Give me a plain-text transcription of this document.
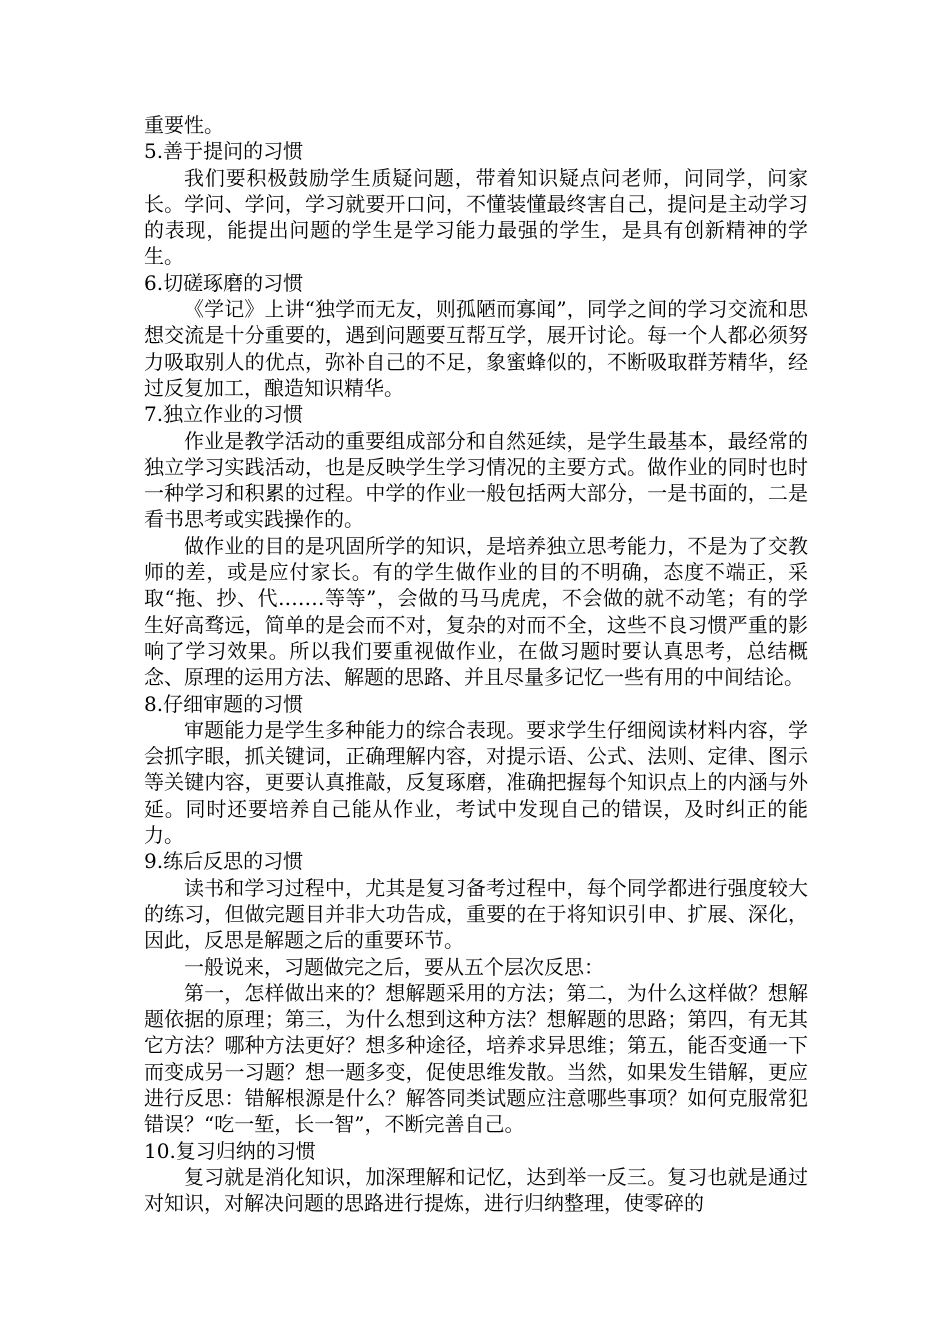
重要性。

5.善于提问的习惯

我们要积极鼓励学生质疑问题，带着知识疑点问老师，问同学，问家长。学问、学问，学习就要开口问，不懂装懂最终害自己，提问是主动学习的表现，能提出问题的学生是学习能力最强的学生，是具有创新精神的学生。

6.切磋琢磨的习惯

《学记》上讲“独学而无友，则孤陋而寡闻”，同学之间的学习交流和思想交流是十分重要的，遇到问题要互帮互学，展开讨论。每一个人都必须努力吸取别人的优点，弥补自己的不足，象蜜蜂似的，不断吸取群芳精华，经过反复加工，酿造知识精华。

7.独立作业的习惯

作业是教学活动的重要组成部分和自然延续，是学生最基本，最经常的独立学习实践活动，也是反映学生学习情况的主要方式。做作业的同时也时一种学习和积累的过程。中学的作业一般包括两大部分，一是书面的，二是看书思考或实践操作的。

做作业的目的是巩固所学的知识，是培养独立思考能力，不是为了交教师的差，或是应付家长。有的学生做作业的目的不明确，态度不端正，采取“拖、抄、代.……等等”，会做的马马虎虎，不会做的就不动笔；有的学生好高骛远，简单的是会而不对，复杂的对而不全，这些不良习惯严重的影响了学习效果。所以我们要重视做作业，在做习题时要认真思考，总结概念、原理的运用方法、解题的思路、并且尽量多记忆一些有用的中间结论。

8.仔细审题的习惯

审题能力是学生多种能力的综合表现。要求学生仔细阅读材料内容，学会抓字眼，抓关键词，正确理解内容，对提示语、公式、法则、定律、图示等关键内容，更要认真推敲，反复琢磨，准确把握每个知识点上的内涵与外延。同时还要培养自己能从作业，考试中发现自己的错误，及时纠正的能力。

9.练后反思的习惯

读书和学习过程中，尤其是复习备考过程中，每个同学都进行强度较大的练习，但做完题目并非大功告成，重要的在于将知识引申、扩展、深化，因此，反思是解题之后的重要环节。

一般说来，习题做完之后，要从五个层次反思：

第一，怎样做出来的？想解题采用的方法；第二，为什么这样做？想解题依据的原理；第三，为什么想到这种方法？想解题的思路；第四，有无其它方法？哪种方法更好？想多种途径，培养求异思维；第五，能否变通一下而变成另一习题？想一题多变，促使思维发散。当然，如果发生错解，更应进行反思：错解根源是什么？解答同类试题应注意哪些事项？如何克服常犯错误？“吃一堑，长一智”，不断完善自己。

10.复习归纳的习惯

复习就是消化知识，加深理解和记忆，达到举一反三。复习也就是通过对知识，对解决问题的思路进行提炼，进行归纳整理，使零碎的
